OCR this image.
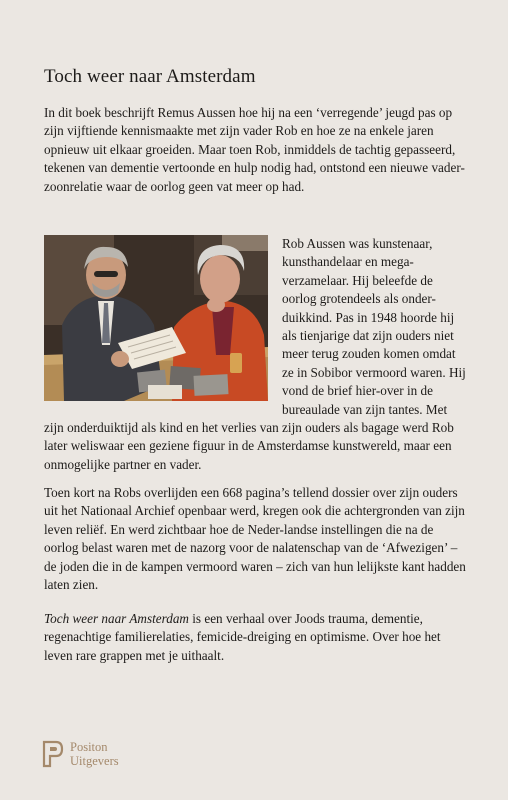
Toch weer naar Amsterdam

In dit boek beschrijft Remus Aussen hoe hij na een ‘verregende’ jeugd pas op zijn vijftiende kennismaakte met zijn vader Rob en hoe ze na enkele jaren opnieuw uit elkaar groeiden. Maar toen Rob, inmiddels de tachtig gepasseerd, tekenen van dementie vertoonde en hulp nodig had, ontstond een nieuwe vader-zoonrelatie waar de oorlog geen vat meer op had.

Rob Aussen was kunstenaar, kunsthandelaar en mega-verzamelaar. Hij beleefde de oorlog grotendeels als onder-duikkind. Pas in 1948 hoorde hij als tienjarige dat zijn ouders niet meer terug zouden komen omdat ze in Sobibor vermoord waren. Hij vond de brief hier-over in de bureaulade van zijn tantes. Met zijn onderduiktijd als kind en het verlies van zijn ouders als bagage werd Rob later weliswaar een geziene figuur in de Amsterdamse kunstwereld, maar een onmogelijke partner en vader.

Toen kort na Robs overlijden een 668 pagina’s tellend dossier over zijn ouders uit het Nationaal Archief openbaar werd, kregen ook die achtergronden van zijn leven reliëf. En werd zichtbaar hoe de Neder-landse instellingen die na de oorlog belast waren met de nazorg voor de nalatenschap van de ‘Afwezigen’ – de joden die in de kampen vermoord waren – zich van hun lelijkste kant hadden laten zien.

Toch weer naar Amsterdam is een verhaal over Joods trauma, dementie, regenachtige familierelaties, femicide-dreiging en optimisme. Over hoe het leven rare grappen met je uithaalt.

Positon
Uitgevers
